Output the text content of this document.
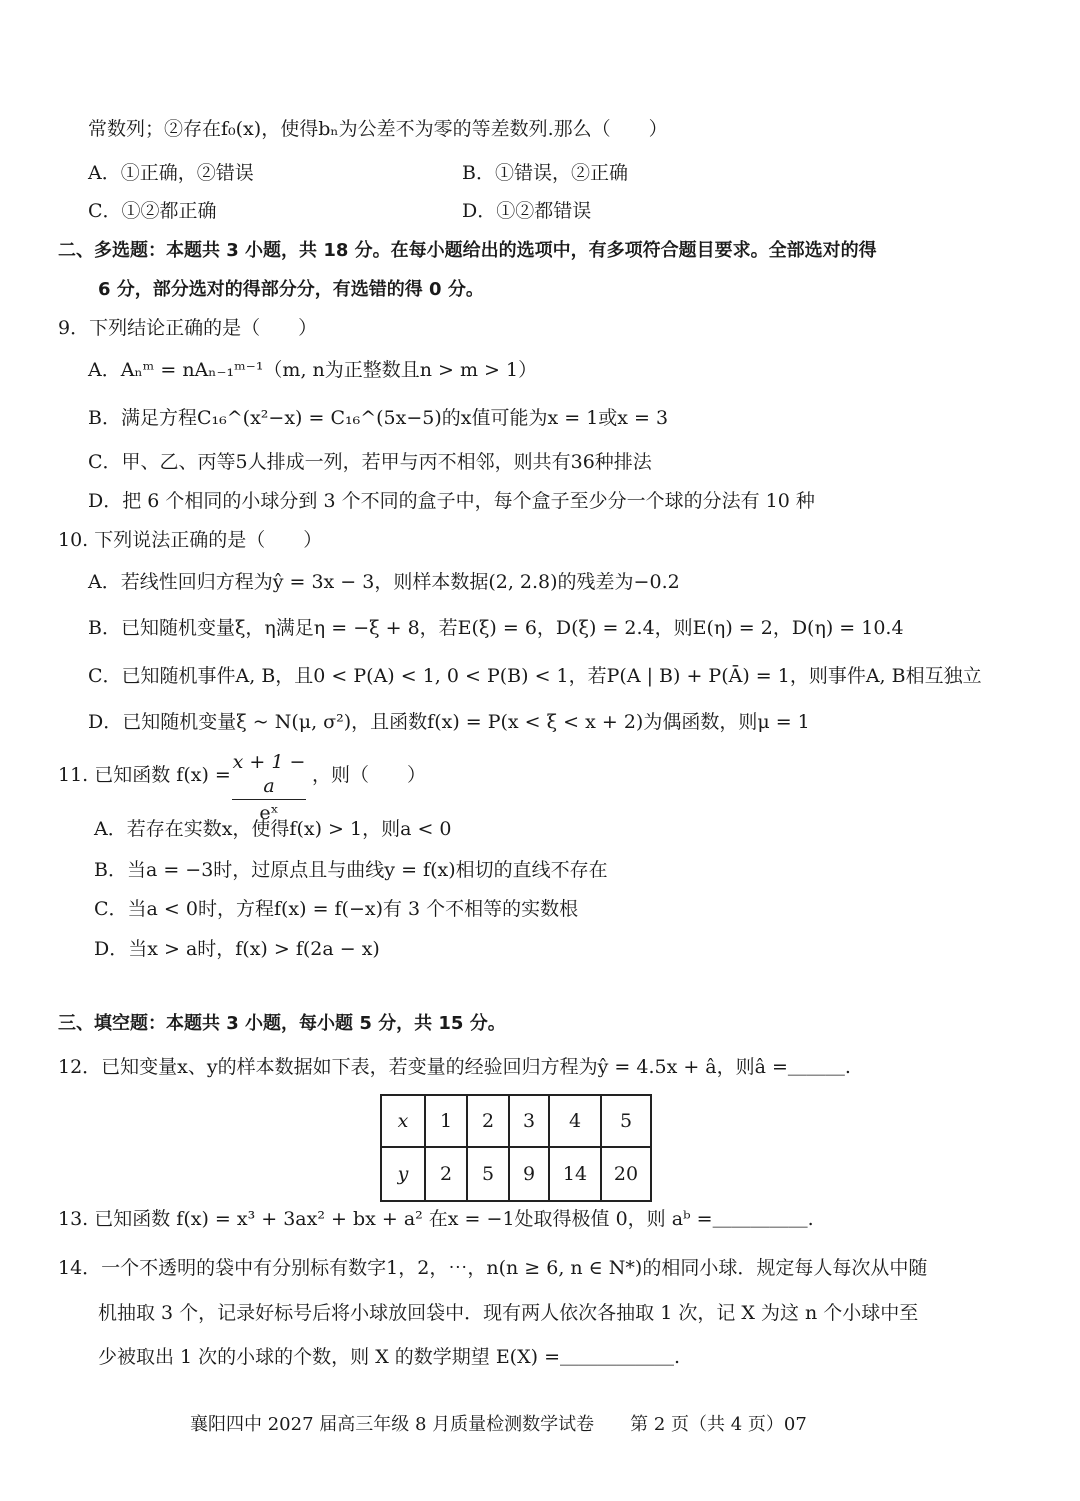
常数列；②存在f₀(x)，使得bₙ为公差不为零的等差数列.那么（　　）
A．①正确，②错误	B．①错误，②正确
C．①②都正确	D．①②都错误
二、多选题：本题共 3 小题，共 18 分。在每小题给出的选项中，有多项符合题目要求。全部选对的得
6 分，部分选对的得部分分，有选错的得 0 分。
9．下列结论正确的是（　　）
A．Aₙᵐ = nAₙ₋₁ᵐ⁻¹（m, n为正整数且n > m > 1）
B．满足方程C₁₆^(x²−x) = C₁₆^(5x−5)的x值可能为x = 1或x = 3
C．甲、乙、丙等5人排成一列，若甲与丙不相邻，则共有36种排法
D．把 6 个相同的小球分到 3 个不同的盒子中，每个盒子至少分一个球的分法有 10 种
10. 下列说法正确的是（　　）
A．若线性回归方程为ŷ = 3x − 3，则样本数据(2, 2.8)的残差为−0.2
B．已知随机变量ξ，η满足η = −ξ + 8，若E(ξ) = 6，D(ξ) = 2.4，则E(η) = 2，D(η) = 10.4
C．已知随机事件A, B，且0 < P(A) < 1, 0 < P(B) < 1，若P(A | B) + P(Ā) = 1，则事件A, B相互独立
D．已知随机变量ξ ~ N(μ, σ²)，且函数f(x) = P(x < ξ < x + 2)为偶函数，则μ = 1
11. 已知函数 f(x) =
x + 1 − a
eˣ
，则（　　）
A．若存在实数x，使得f(x) > 1，则a < 0
B．当a = −3时，过原点且与曲线y = f(x)相切的直线不存在
C．当a < 0时，方程f(x) = f(−x)有 3 个不相等的实数根
D．当x > a时，f(x) > f(2a − x)
三、填空题：本题共 3 小题，每小题 5 分，共 15 分。
12．已知变量x、y的样本数据如下表，若变量的经验回归方程为ŷ = 4.5x + â，则â =＿＿＿.
x	1	2	3	4	5
y	2	5	9	14	20
13. 已知函数 f(x) = x³ + 3ax² + bx + a² 在x = −1处取得极值 0，则 aᵇ =＿＿＿＿＿.
14．一个不透明的袋中有分别标有数字1，2，⋯，n(n ≥ 6, n ∈ N*)的相同小球．规定每人每次从中随
机抽取 3 个，记录好标号后将小球放回袋中．现有两人依次各抽取 1 次，记 X 为这 n 个小球中至
少被取出 1 次的小球的个数，则 X 的数学期望 E(X) =＿＿＿＿＿＿.
襄阳四中 2027 届高三年级 8 月质量检测数学试卷　　第 2 页（共 4 页）07
